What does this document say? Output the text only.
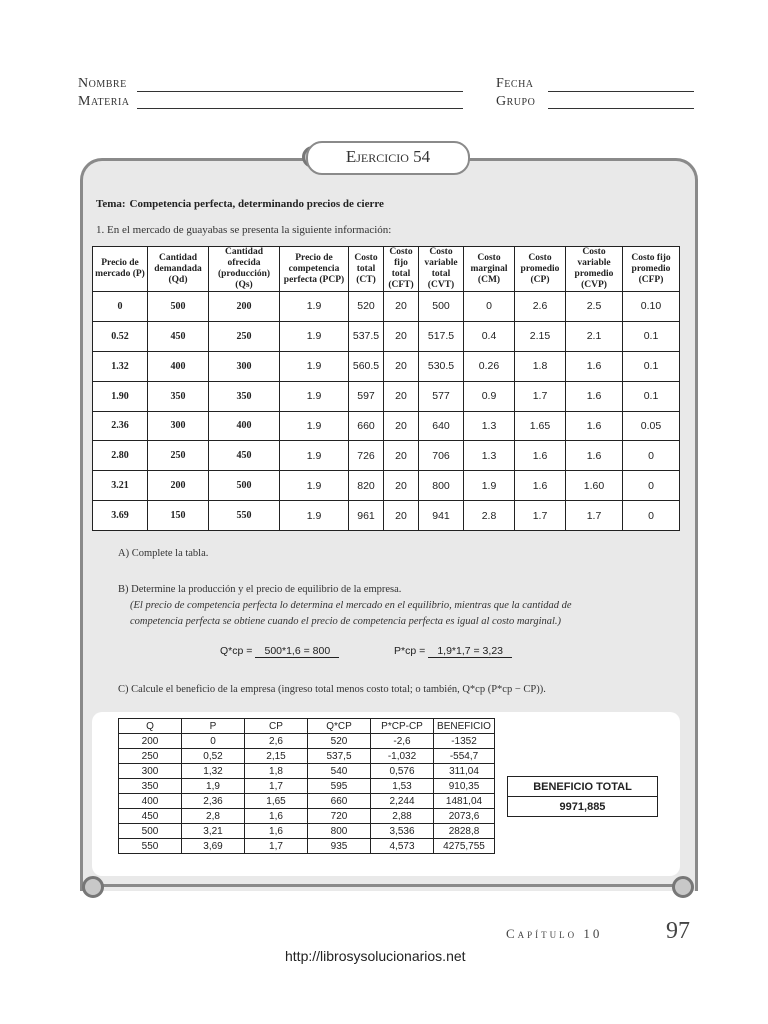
Nombre
Materia
Fecha
Grupo
Ejercicio 54
Tema: Competencia perfecta, determinando precios de cierre
1. En el mercado de guayabas se presenta la siguiente información:
Precio de mercado (P)	Cantidad demandada (Qd)	Cantidad ofrecida (producción) (Qs)	Precio de competencia perfecta (PCP)	Costo total (CT)	Costo fijo total (CFT)	Costo variable total (CVT)	Costo marginal (CM)	Costo promedio (CP)	Costo variable promedio (CVP)	Costo fijo promedio (CFP)
0	500	200	1.9	520	20	500	0	2.6	2.5	0.10
0.52	450	250	1.9	537.5	20	517.5	0.4	2.15	2.1	0.1
1.32	400	300	1.9	560.5	20	530.5	0.26	1.8	1.6	0.1
1.90	350	350	1.9	597	20	577	0.9	1.7	1.6	0.1
2.36	300	400	1.9	660	20	640	1.3	1.65	1.6	0.05
2.80	250	450	1.9	726	20	706	1.3	1.6	1.6	0
3.21	200	500	1.9	820	20	800	1.9	1.6	1.60	0
3.69	150	550	1.9	961	20	941	2.8	1.7	1.7	0
A) Complete la tabla.
B) Determine la producción y el precio de equilibrio de la empresa.
(El precio de competencia perfecta lo determina el mercado en el equilibrio, mientras que la cantidad de
competencia perfecta se obtiene cuando el precio de competencia perfecta es igual al costo marginal.)
Q*cp = 500*1,6 = 800	P*cp = 1,9*1,7 = 3,23
C) Calcule el beneficio de la empresa (ingreso total menos costo total; o también, Q*cp (P*cp − CP)).
Q	P	CP	Q*CP	P*CP-CP	BENEFICIO
200	0	2,6	520	-2,6	-1352
250	0,52	2,15	537,5	-1,032	-554,7
300	1,32	1,8	540	0,576	311,04
350	1,9	1,7	595	1,53	910,35
400	2,36	1,65	660	2,244	1481,04
450	2,8	1,6	720	2,88	2073,6
500	3,21	1,6	800	3,536	2828,8
550	3,69	1,7	935	4,573	4275,755
BENEFICIO TOTAL
9971,885
Capítulo 10	97
http://librosysolucionarios.net
